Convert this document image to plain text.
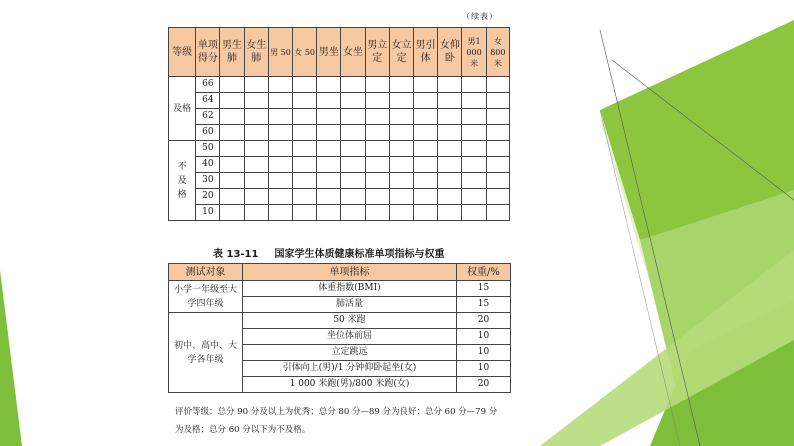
（续表）
等级	单项得分	男生肺	女生肺	男 50	女 50	男坐	女坐	男立定	女立定	男引体	女仰卧	男1 000米	女800米
及格	66												
	64												
	62												
	60												
不及格	50												
	40												
	30												
	20												
	10												
表 13-11 国家学生体质健康标准单项指标与权重
测试对象	单项指标	权重/%
小学一年级至大学四年级	体重指数(BMI)	15
	肺活量	15
初中、高中、大学各年级	50 米跑	20
	坐位体前屈	10
	立定跳远	10
	引体向上(男)/1 分钟仰卧起坐(女)	10
	1 000 米跑(男)/800 米跑(女)	20
评价等级：总分 90 分及以上为优秀；总分 80 分—89 分为良好；总分 60 分—79 分
为及格；总分 60 分以下为不及格。
